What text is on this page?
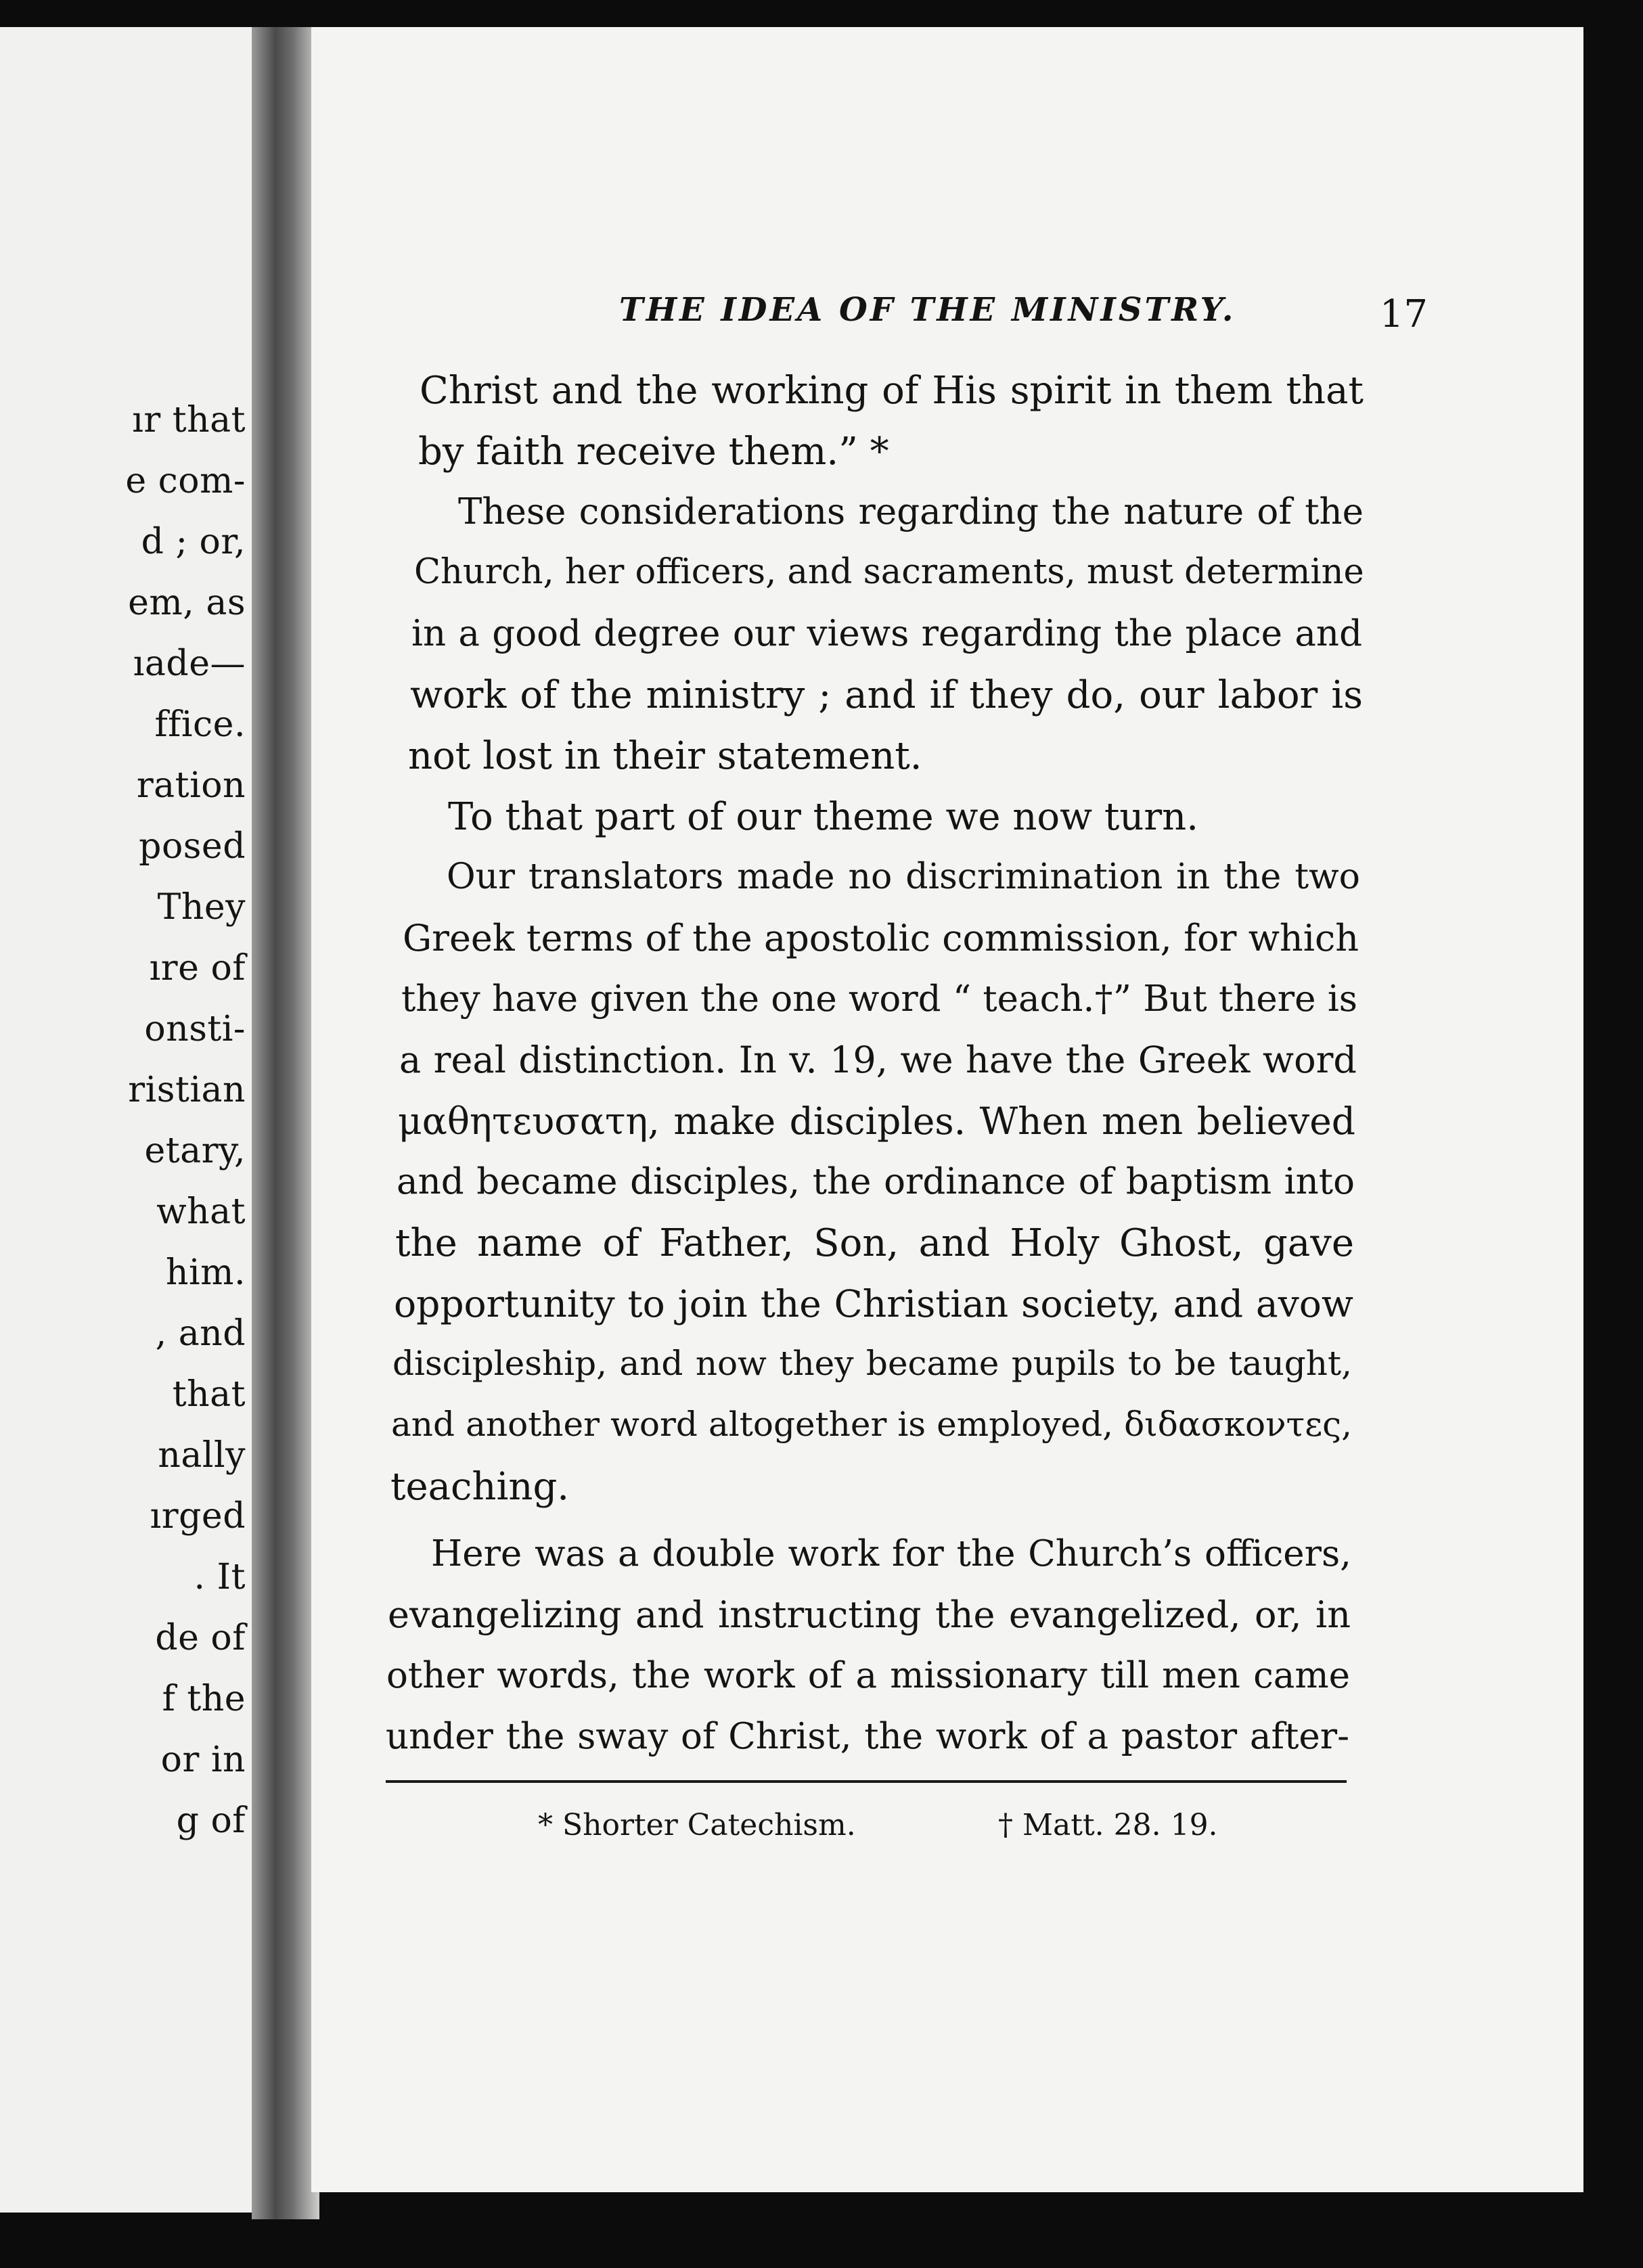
ır that
e com-
d ; or,
em, as
ıade—
ffice.
ration
posed
They
ıre of
onsti-
ristian
etary,
what
him.
, and
that
nally
ırged
. It
de of
f the
or in
g of
THE IDEA OF THE MINISTRY.	17
Christ and the working of His spirit in them that
by faith receive them.” *
These considerations regarding the nature of the
Church, her officers, and sacraments, must determine
in a good degree our views regarding the place and
work of the ministry ; and if they do, our labor is
not lost in their statement.
To that part of our theme we now turn.
Our translators made no discrimination in the two
Greek terms of the apostolic commission, for which
they have given the one word “ teach.†” But there is
a real distinction. In v. 19, we have the Greek word
μαθητευσατη, make disciples. When men believed
and became disciples, the ordinance of baptism into
the name of Father, Son, and Holy Ghost, gave
opportunity to join the Christian society, and avow
discipleship, and now they became pupils to be taught,
and another word altogether is employed, διδασκοντες,
teaching.
Here was a double work for the Church’s officers,
evangelizing and instructing the evangelized, or, in
other words, the work of a missionary till men came
under the sway of Christ, the work of a pastor after-
* Shorter Catechism.	† Matt. 28. 19.
